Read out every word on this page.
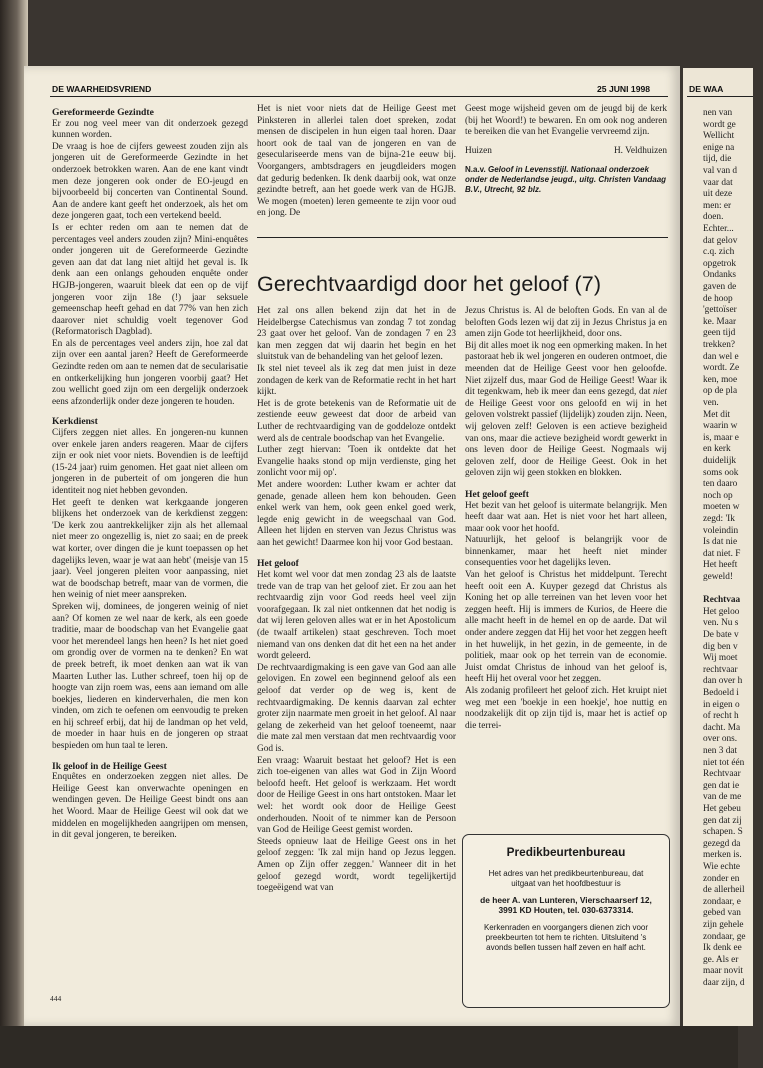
DE WAA
nen van
wordt ge
Wellicht
enige na
tijd, die
val van d
vaar dat
uit deze
men: er
doen.
Echter...
dat gelov
c.q. zich
opgetrok
Ondanks
gaven de
de hoop
'gettoïser
ke. Maar
geen tijd
trekken?
dan wel e
wordt. Ze
ken, moe
op de pla
ven.
Met dit
waarin w
is, maar e
en kerk
duidelijk
soms ook
ten daaro
noch op
moeten w
zegd: 'Ik
voleindin
Is dat nie
dat niet. F
Het heeft
geweld!
Rechtvaa
Het geloo
ven. Nu s
De bate v
dig ben v
Wij moet
rechtvaar
dan over h
Bedoeld i
in eigen o
of recht h
dacht. Ma
over ons.
nen 3 dat
niet tot één
Rechtvaar
gen dat ie
van de me
Het gebeu
gen dat zij
schapen. S
gezegd da
merken is.
Wie echte
zonder en
de allerheil
zondaar, e
gebed van
zijn gehele
zondaar, ge
Ik denk ee
ge. Als er
maar novit
daar zijn, d
DE WAARHEIDSVRIEND	25 JUNI 1998
Gereformeerde Gezindte

Er zou nog veel meer van dit onderzoek gezegd kunnen worden.

De vraag is hoe de cijfers geweest zouden zijn als jongeren uit de Gereformeerde Gezindte in het onderzoek betrokken waren. Aan de ene kant vindt men deze jongeren ook onder de EO-jeugd en bijvoorbeeld bij concerten van Continental Sound. Aan de andere kant geeft het onderzoek, als het om deze jongeren gaat, toch een vertekend beeld.

Is er echter reden om aan te nemen dat de percentages veel anders zouden zijn? Mini-enquêtes onder jongeren uit de Gereformeerde Gezindte geven aan dat dat lang niet altijd het geval is. Ik denk aan een onlangs gehouden enquête onder HGJB-jongeren, waaruit bleek dat een op de vijf jongeren voor zijn 18e (!) jaar seksuele gemeenschap heeft gehad en dat 77% van hen zich daarover niet schuldig voelt tegenover God (Reformatorisch Dagblad).

En als de percentages veel anders zijn, hoe zal dat zijn over een aantal jaren? Heeft de Gereformeerde Gezindte reden om aan te nemen dat de secularisatie en ontkerkelijking hun jongeren voorbij gaat? Het zou wellicht goed zijn om een dergelijk onderzoek eens afzonderlijk onder deze jongeren te houden.

Kerkdienst

Cijfers zeggen niet alles. En jongeren-nu kunnen over enkele jaren anders reageren. Maar de cijfers zijn er ook niet voor niets. Bovendien is de leeftijd (15-24 jaar) ruim genomen. Het gaat niet alleen om jongeren in de puberteit of om jongeren die hun identiteit nog niet hebben gevonden.

Het geeft te denken wat kerkgaande jongeren blijkens het onderzoek van de kerkdienst zeggen: 'De kerk zou aantrekkelijker zijn als het allemaal niet meer zo ongezellig is, niet zo saai; en de preek wat korter, over dingen die je kunt toepassen op het dagelijks leven, waar je wat aan hebt' (meisje van 15 jaar). Veel jongeren pleiten voor aanpassing, niet wat de boodschap betreft, maar van de vormen, die hen weinig of niet meer aanspreken.

Spreken wij, dominees, de jongeren weinig of niet aan? Of komen ze wel naar de kerk, als een goede traditie, maar de boodschap van het Evangelie gaat voor het merendeel langs hen heen? Is het niet goed om grondig over de vormen na te denken? En wat de preek betreft, ik moet denken aan wat ik van Maarten Luther las. Luther schreef, toen hij op de hoogte van zijn roem was, eens aan iemand om alle boekjes, liederen en kinderverhalen, die men kon vinden, om zich te oefenen om eenvoudig te preken en hij schreef erbij, dat hij de landman op het veld, de moeder in haar huis en de jongeren op straat bespieden om hun taal te leren.

Ik geloof in de Heilige Geest

Enquêtes en onderzoeken zeggen niet alles. De Heilige Geest kan onverwachte openingen en wendingen geven. De Heilige Geest bindt ons aan het Woord. Maar de Heilige Geest wil ook dat we middelen en mogelijkheden aangrijpen om mensen, in dit geval jongeren, te bereiken.

Het is niet voor niets dat de Heilige Geest met Pinksteren in allerlei talen doet spreken, zodat mensen de discipelen in hun eigen taal horen. Daar hoort ook de taal van de jongeren en van de geseculariseerde mens van de bijna-21e eeuw bij. Voorgangers, ambtsdragers en jeugdleiders mogen dat gedurig bedenken. Ik denk daarbij ook, wat onze gezindte betreft, aan het goede werk van de HGJB. We mogen (moeten) leren gemeente te zijn voor oud en jong. De

Geest moge wijsheid geven om de jeugd bij de kerk (bij het Woord!) te bewaren. En om ook nog anderen te bereiken die van het Evangelie vervreemd zijn.

Huizen	H. Veldhuizen
N.a.v. Geloof in Levensstijl. Nationaal onderzoek onder de Nederlandse jeugd., uitg. Christen Vandaag B.V., Utrecht, 92 blz.
Gerechtvaardigd door het geloof (7)

Het zal ons allen bekend zijn dat het in de Heidelbergse Catechismus van zondag 7 tot zondag 23 gaat over het geloof. Van de zondagen 7 en 23 kan men zeggen dat wij daarin het begin en het sluitstuk van de behandeling van het geloof lezen.

Ik stel niet teveel als ik zeg dat men juist in deze zondagen de kerk van de Reformatie recht in het hart kijkt.

Het is de grote betekenis van de Reformatie uit de zestiende eeuw geweest dat door de arbeid van Luther de rechtvaardiging van de goddeloze ontdekt werd als de centrale boodschap van het Evangelie.

Luther zegt hiervan: 'Toen ik ontdekte dat het Evangelie haaks stond op mijn verdienste, ging het zonlicht voor mij op'.

Met andere woorden: Luther kwam er achter dat genade, genade alleen hem kon behouden. Geen enkel werk van hem, ook geen enkel goed werk, legde enig gewicht in de weegschaal van God. Alleen het lijden en sterven van Jezus Christus was aan het gewicht! Daarmee kon hij voor God bestaan.

Het geloof

Het komt wel voor dat men zondag 23 als de laatste trede van de trap van het geloof ziet. Er zou aan het rechtvaardig zijn voor God reeds heel veel zijn voorafgegaan. Ik zal niet ontkennen dat het nodig is dat wij leren geloven alles wat er in het Apostolicum (de twaalf artikelen) staat geschreven. Toch moet niemand van ons denken dat dit het een na het ander wordt geleerd.

De rechtvaardigmaking is een gave van God aan alle gelovigen. En zowel een beginnend geloof als een geloof dat verder op de weg is, kent de rechtvaardigmaking. De kennis daarvan zal echter groter zijn naarmate men groeit in het geloof. Al naar gelang de zekerheid van het geloof toeneemt, naar die mate zal men verstaan dat men rechtvaardig voor God is.

Een vraag: Waaruit bestaat het geloof? Het is een zich toe-eigenen van alles wat God in Zijn Woord beloofd heeft. Het geloof is werkzaam. Het wordt door de Heilige Geest in ons hart ontstoken. Maar let wel: het wordt ook door de Heilige Geest onderhouden. Nooit of te nimmer kan de Persoon van God de Heilige Geest gemist worden.

Steeds opnieuw laat de Heilige Geest ons in het geloof zeggen: 'Ik zal mijn hand op Jezus leggen. Amen op Zijn offer zeggen.' Wanneer dit in het geloof gezegd wordt, wordt tegelijkertijd toegeëigend wat van

Jezus Christus is. Al de beloften Gods. En van al de beloften Gods lezen wij dat zij in Jezus Christus ja en amen zijn Gode tot heerlijkheid, door ons.

Bij dit alles moet ik nog een opmerking maken. In het pastoraat heb ik wel jongeren en ouderen ontmoet, die meenden dat de Heilige Geest voor hen geloofde. Niet zijzelf dus, maar God de Heilige Geest! Waar ik dit tegenkwam, heb ik meer dan eens gezegd, dat niet de Heilige Geest voor ons geloofd en wij in het geloven volstrekt passief (lijdelijk) zouden zijn. Neen, wij geloven zelf! Geloven is een actieve bezigheid van ons, maar die actieve bezigheid wordt gewerkt in ons leven door de Heilige Geest. Nogmaals wij geloven zelf, door de Heilige Geest. Ook in het geloven zijn wij geen stokken en blokken.

Het geloof geeft

Het bezit van het geloof is uitermate belangrijk. Men heeft daar wat aan. Het is niet voor het hart alleen, maar ook voor het hoofd.

Natuurlijk, het geloof is belangrijk voor de binnenkamer, maar het heeft niet minder consequenties voor het dagelijks leven.

Van het geloof is Christus het middelpunt. Terecht heeft ooit een A. Kuyper gezegd dat Christus als Koning het op alle terreinen van het leven voor het zeggen heeft. Hij is immers de Kurios, de Heere die alle macht heeft in de hemel en op de aarde. Dat wil onder andere zeggen dat Hij het voor het zeggen heeft in het huwelijk, in het gezin, in de gemeente, in de politiek, maar ook op het terrein van de economie. Juist omdat Christus de inhoud van het geloof is, heeft Hij het overal voor het zeggen.

Als zodanig profileert het geloof zich. Het kruipt niet weg met een 'boekje in een hoekje', hoe nuttig en noodzakelijk dit op zijn tijd is, maar het is actief op die terrei-

Predikbeurtenbureau
Het adres van het predikbeurtenbureau, dat uitgaat van het hoofdbestuur is
de heer A. van Lunteren, Vierschaarserf 12, 3991 KD Houten, tel. 030-6373314.
Kerkenraden en voorgangers dienen zich voor preekbeurten tot hem te richten. Uitsluitend 's avonds bellen tussen half zeven en half acht.
444
